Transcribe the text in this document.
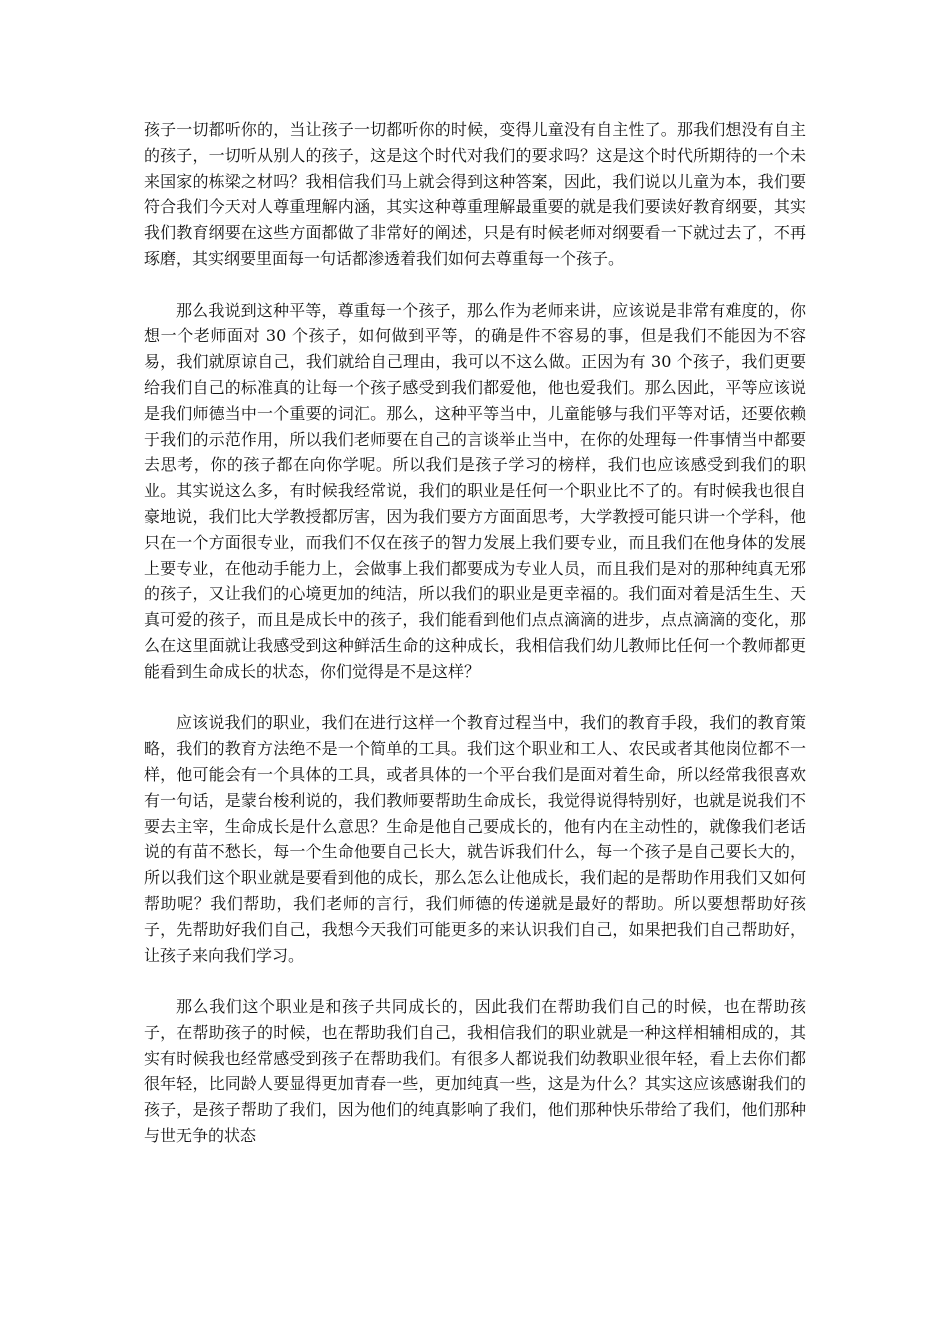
孩子一切都听你的，当让孩子一切都听你的时候，变得儿童没有自主性了。那我们想没有自主的孩子，一切听从别人的孩子，这是这个时代对我们的要求吗？这是这个时代所期待的一个未来国家的栋梁之材吗？我相信我们马上就会得到这种答案，因此，我们说以儿童为本，我们要符合我们今天对人尊重理解内涵，其实这种尊重理解最重要的就是我们要读好教育纲要，其实我们教育纲要在这些方面都做了非常好的阐述，只是有时候老师对纲要看一下就过去了，不再琢磨，其实纲要里面每一句话都渗透着我们如何去尊重每一个孩子。

那么我说到这种平等，尊重每一个孩子，那么作为老师来讲，应该说是非常有难度的，你想一个老师面对 30 个孩子，如何做到平等，的确是件不容易的事，但是我们不能因为不容易，我们就原谅自己，我们就给自己理由，我可以不这么做。正因为有 30 个孩子，我们更要给我们自己的标准真的让每一个孩子感受到我们都爱他，他也爱我们。那么因此，平等应该说是我们师德当中一个重要的词汇。那么，这种平等当中，儿童能够与我们平等对话，还要依赖于我们的示范作用，所以我们老师要在自己的言谈举止当中，在你的处理每一件事情当中都要去思考，你的孩子都在向你学呢。所以我们是孩子学习的榜样，我们也应该感受到我们的职业。其实说这么多，有时候我经常说，我们的职业是任何一个职业比不了的。有时候我也很自豪地说，我们比大学教授都厉害，因为我们要方方面面思考，大学教授可能只讲一个学科，他只在一个方面很专业，而我们不仅在孩子的智力发展上我们要专业，而且我们在他身体的发展上要专业，在他动手能力上，会做事上我们都要成为专业人员，而且我们是对的那种纯真无邪的孩子，又让我们的心境更加的纯洁，所以我们的职业是更幸福的。我们面对着是活生生、天真可爱的孩子，而且是成长中的孩子，我们能看到他们点点滴滴的进步，点点滴滴的变化，那么在这里面就让我感受到这种鲜活生命的这种成长，我相信我们幼儿教师比任何一个教师都更能看到生命成长的状态，你们觉得是不是这样？

应该说我们的职业，我们在进行这样一个教育过程当中，我们的教育手段，我们的教育策略，我们的教育方法绝不是一个简单的工具。我们这个职业和工人、农民或者其他岗位都不一样，他可能会有一个具体的工具，或者具体的一个平台我们是面对着生命，所以经常我很喜欢有一句话，是蒙台梭利说的，我们教师要帮助生命成长，我觉得说得特别好，也就是说我们不要去主宰，生命成长是什么意思？生命是他自己要成长的，他有内在主动性的，就像我们老话说的有苗不愁长，每一个生命他要自己长大，就告诉我们什么，每一个孩子是自己要长大的，所以我们这个职业就是要看到他的成长，那么怎么让他成长，我们起的是帮助作用我们又如何帮助呢？我们帮助，我们老师的言行，我们师德的传递就是最好的帮助。所以要想帮助好孩子，先帮助好我们自己，我想今天我们可能更多的来认识我们自己，如果把我们自己帮助好，让孩子来向我们学习。

那么我们这个职业是和孩子共同成长的，因此我们在帮助我们自己的时候，也在帮助孩子，在帮助孩子的时候，也在帮助我们自己，我相信我们的职业就是一种这样相辅相成的，其实有时候我也经常感受到孩子在帮助我们。有很多人都说我们幼教职业很年轻，看上去你们都很年轻，比同龄人要显得更加青春一些，更加纯真一些，这是为什么？其实这应该感谢我们的孩子，是孩子帮助了我们，因为他们的纯真影响了我们，他们那种快乐带给了我们，他们那种与世无争的状态
